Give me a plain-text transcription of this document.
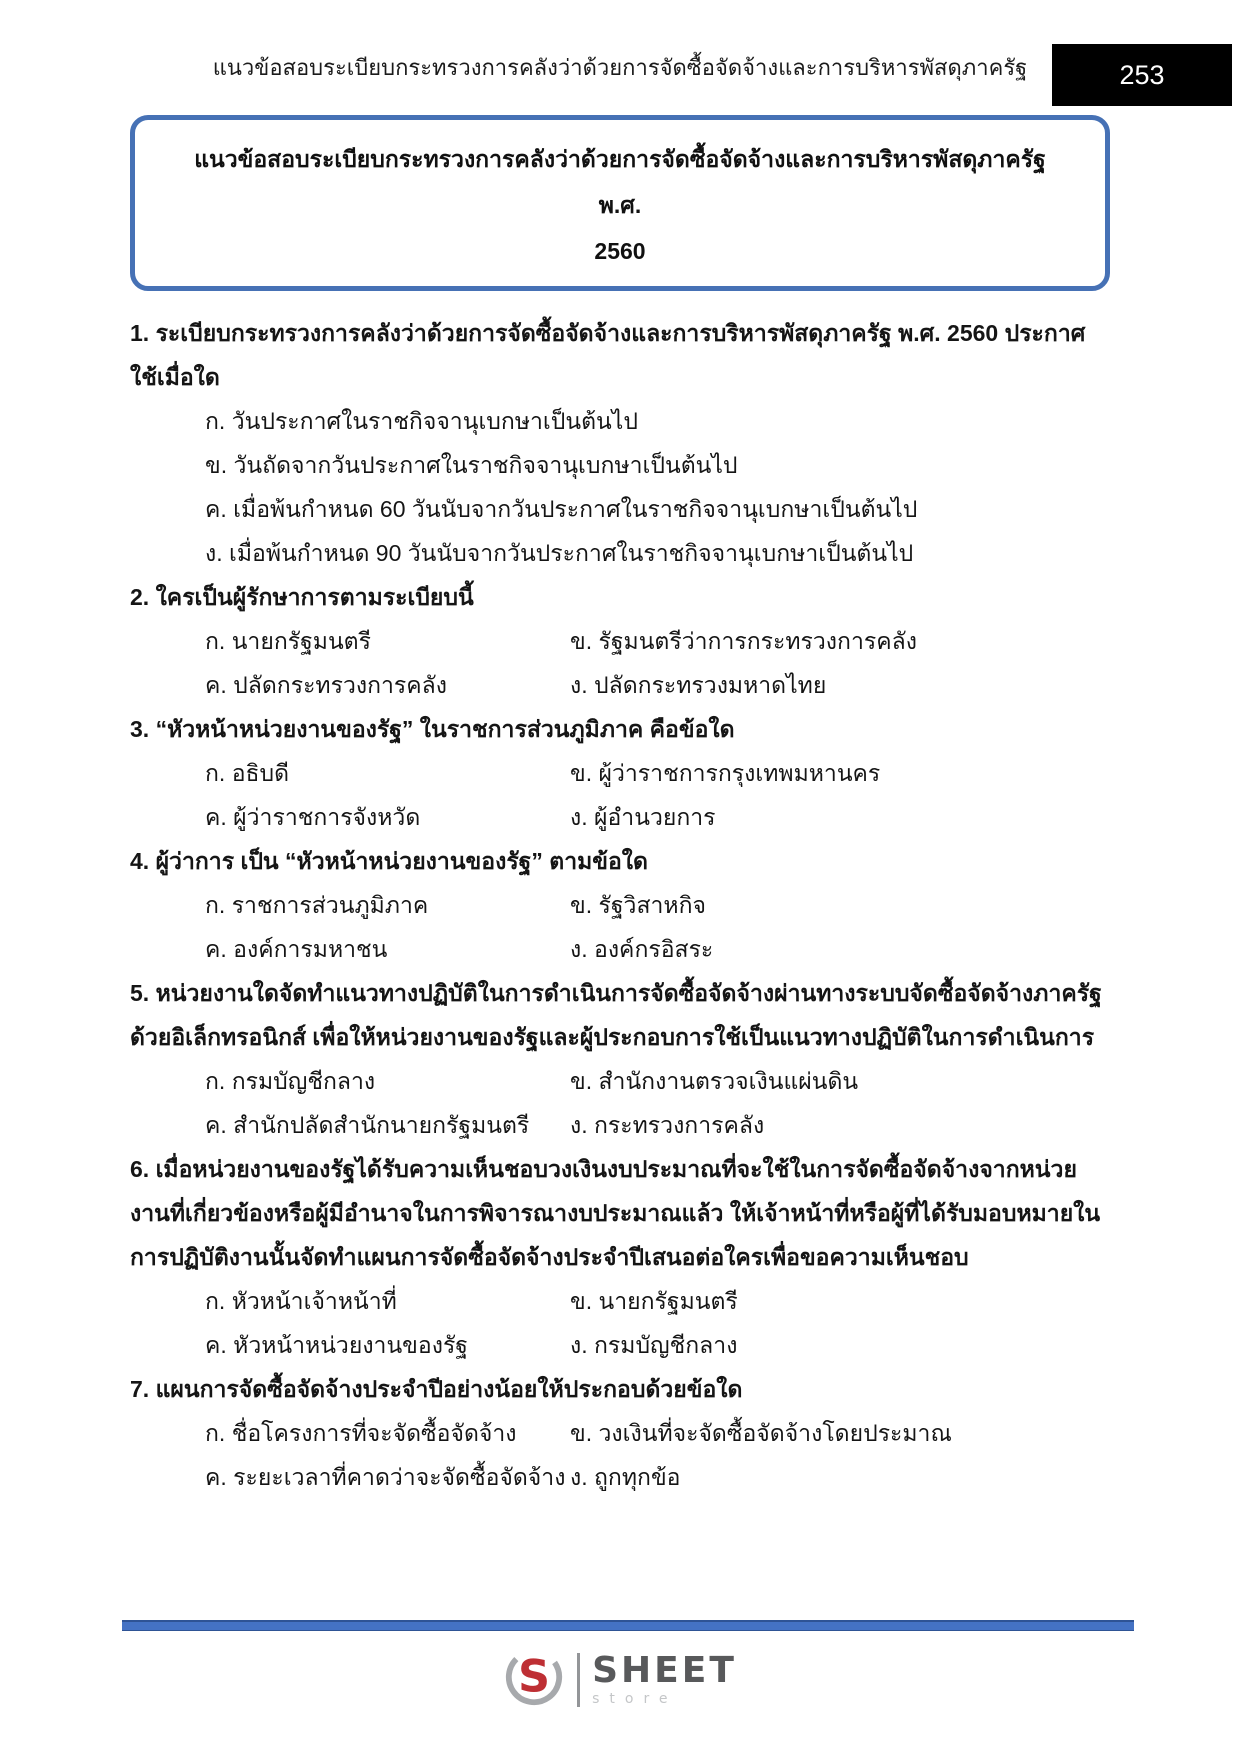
แนวข้อสอบระเบียบกระทรวงการคลังว่าด้วยการจัดซื้อจัดจ้างและการบริหารพัสดุภาครัฐ	253
แนวข้อสอบระเบียบกระทรวงการคลังว่าด้วยการจัดซื้อจัดจ้างและการบริหารพัสดุภาครัฐ พ.ศ.
2560

1. ระเบียบกระทรวงการคลังว่าด้วยการจัดซื้อจัดจ้างและการบริหารพัสดุภาครัฐ พ.ศ. 2560 ประกาศใช้เมื่อใด

ก. วันประกาศในราชกิจจานุเบกษาเป็นต้นไป

ข. วันถัดจากวันประกาศในราชกิจจานุเบกษาเป็นต้นไป

ค. เมื่อพ้นกำหนด 60 วันนับจากวันประกาศในราชกิจจานุเบกษาเป็นต้นไป

ง. เมื่อพ้นกำหนด 90 วันนับจากวันประกาศในราชกิจจานุเบกษาเป็นต้นไป

2. ใครเป็นผู้รักษาการตามระเบียบนี้

ก. นายกรัฐมนตรี	ข. รัฐมนตรีว่าการกระทรวงการคลัง

ค. ปลัดกระทรวงการคลัง	ง. ปลัดกระทรวงมหาดไทย

3. “หัวหน้าหน่วยงานของรัฐ” ในราชการส่วนภูมิภาค คือข้อใด

ก. อธิบดี	ข. ผู้ว่าราชการกรุงเทพมหานคร

ค. ผู้ว่าราชการจังหวัด	ง. ผู้อำนวยการ

4. ผู้ว่าการ เป็น “หัวหน้าหน่วยงานของรัฐ” ตามข้อใด

ก. ราชการส่วนภูมิภาค	ข. รัฐวิสาหกิจ

ค. องค์การมหาชน	ง. องค์กรอิสระ

5. หน่วยงานใดจัดทำแนวทางปฏิบัติในการดำเนินการจัดซื้อจัดจ้างผ่านทางระบบจัดซื้อจัดจ้างภาครัฐด้วยอิเล็กทรอนิกส์ เพื่อให้หน่วยงานของรัฐและผู้ประกอบการใช้เป็นแนวทางปฏิบัติในการดำเนินการ

ก. กรมบัญชีกลาง	ข. สำนักงานตรวจเงินแผ่นดิน

ค. สำนักปลัดสำนักนายกรัฐมนตรี	ง. กระทรวงการคลัง

6. เมื่อหน่วยงานของรัฐได้รับความเห็นชอบวงเงินงบประมาณที่จะใช้ในการจัดซื้อจัดจ้างจากหน่วยงานที่เกี่ยวข้องหรือผู้มีอำนาจในการพิจารณางบประมาณแล้ว ให้เจ้าหน้าที่หรือผู้ที่ได้รับมอบหมายในการปฏิบัติงานนั้นจัดทำแผนการจัดซื้อจัดจ้างประจำปีเสนอต่อใครเพื่อขอความเห็นชอบ

ก. หัวหน้าเจ้าหน้าที่	ข. นายกรัฐมนตรี

ค. หัวหน้าหน่วยงานของรัฐ	ง. กรมบัญชีกลาง

7. แผนการจัดซื้อจัดจ้างประจำปีอย่างน้อยให้ประกอบด้วยข้อใด

ก. ชื่อโครงการที่จะจัดซื้อจัดจ้าง	ข. วงเงินที่จะจัดซื้อจัดจ้างโดยประมาณ

ค. ระยะเวลาที่คาดว่าจะจัดซื้อจัดจ้าง ง. ถูกทุกข้อ

S SHEET
store
